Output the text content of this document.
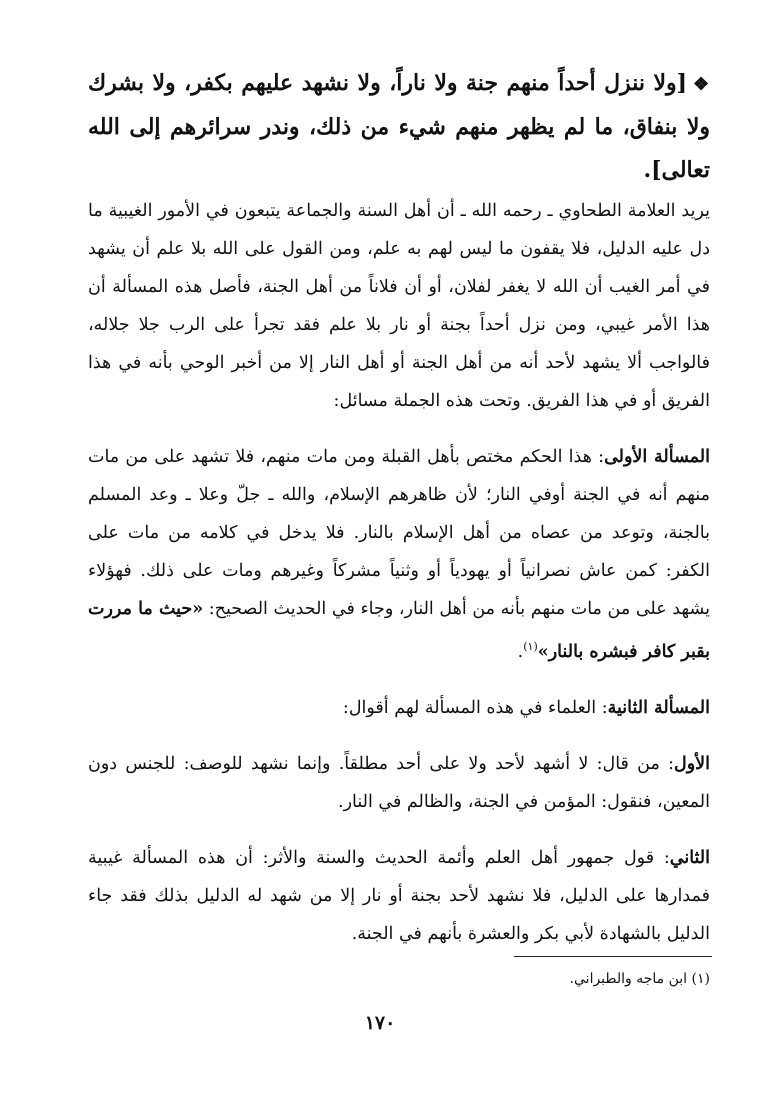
❖[ولا ننزل أحداً منهم جنة ولا ناراً، ولا نشهد عليهم بكفر، ولا بشرك ولا بنفاق، ما لم يظهر منهم شيء من ذلك، وندر سرائرهم إلى الله تعالى].

يريد العلامة الطحاوي ـ رحمه الله ـ أن أهل السنة والجماعة يتبعون في الأمور الغيبية ما دل عليه الدليل، فلا يقفون ما ليس لهم به علم، ومن القول على الله بلا علم أن يشهد في أمر الغيب أن الله لا يغفر لفلان، أو أن فلاناً من أهل الجنة، فأصل هذه المسألة أن هذا الأمر غيبي، ومن نزل أحداً بجنة أو نار بلا علم فقد تجرأ على الرب جلا جلاله، فالواجب ألا يشهد لأحد أنه من أهل الجنة أو أهل النار إلا من أخبر الوحي بأنه في هذا الفريق أو في هذا الفريق. وتحت هذه الجملة مسائل:

المسألة الأولى: هذا الحكم مختص بأهل القبلة ومن مات منهم، فلا تشهد على من مات منهم أنه في الجنة أوفي النار؛ لأن ظاهرهم الإسلام، والله ـ جلّ وعلا ـ وعد المسلم بالجنة، وتوعد من عصاه من أهل الإسلام بالنار. فلا يدخل في كلامه من مات على الكفر: كمن عاش نصرانياً أو يهودياً أو وثنياً مشركاً وغيرهم ومات على ذلك. فهؤلاء يشهد على من مات منهم بأنه من أهل النار، وجاء في الحديث الصحيح: «حيث ما مررت بقبر كافر فبشره بالنار»$^{(١)}$.

المسألة الثانية: العلماء في هذه المسألة لهم أقوال:

الأول: من قال: لا أشهد لأحد ولا على أحد مطلقاً. وإنما نشهد للوصف: للجنس دون المعين، فنقول: المؤمن في الجنة، والظالم في النار.

الثاني: قول جمهور أهل العلم وأئمة الحديث والسنة والأثر: أن هذه المسألة غيبية فمدارها على الدليل، فلا نشهد لأحد بجنة أو نار إلا من شهد له الدليل بذلك فقد جاء الدليل بالشهادة لأبي بكر والعشرة بأنهم في الجنة.

(١) ابن ماجه والطبراني.

١٧٠
